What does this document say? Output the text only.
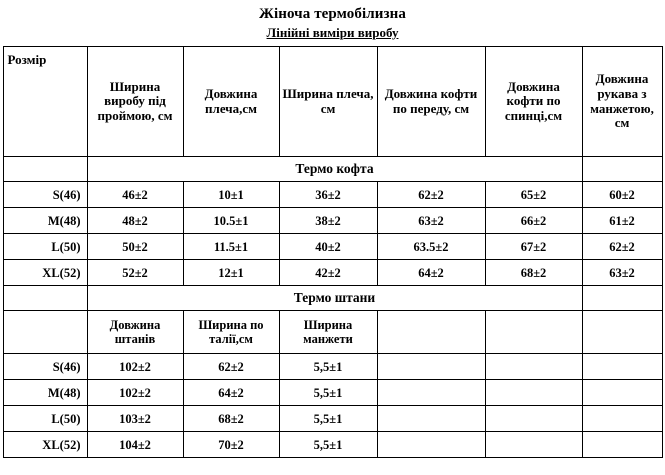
Жіноча термобілизна
Лінійні виміри виробу
Розмір	Ширина виробу під проймою, см	Довжина плеча,см	Ширина плеча, см	Довжина кофти по переду, см	Довжина кофти по спинці,см	Довжина рукава з манжетою, см
	Термо кофта					
S(46)	46±2	10±1	36±2	62±2	65±2	60±2
M(48)	48±2	10.5±1	38±2	63±2	66±2	61±2
L(50)	50±2	11.5±1	40±2	63.5±2	67±2	62±2
XL(52)	52±2	12±1	42±2	64±2	68±2	63±2
	Термо штани					
	Довжина штанів	Ширина по талії,см	Ширина манжети			
S(46)	102±2	62±2	5,5±1			
M(48)	102±2	64±2	5,5±1			
L(50)	103±2	68±2	5,5±1			
XL(52)	104±2	70±2	5,5±1			
